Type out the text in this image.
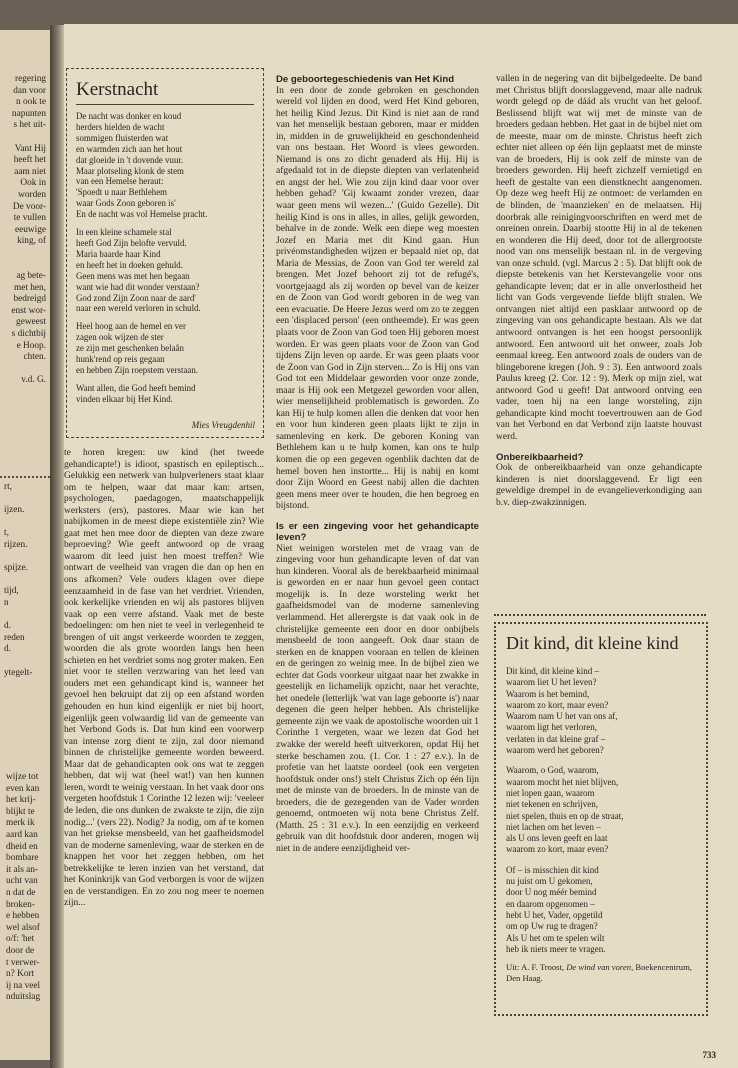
regering
dan voor
n ook te
napunten
s het uit-

Vant Hij
heeft het
aam niet
Ook in
worden
De voor-
te vullen
eeuwige
king, of

ag bete-
met hen,
bedreigd
enst wor-
geweest
s dichtbij
e Hoop.
chten.

v.d. G.
rt,

ijzen.

t,
rijzen.

spijze.

tijd,
n

d.
reden
d.

ytegelt-
wijze tot
even kan
het krij-
blijkt te
merk ik
aard kan
dheid en
bombare
it als an-
ucht van
n dat de
broken-
e hebben
wel alsof
o/f: 'het
door de
t verwer-
n? Kort
ij na veel
nduitslag
Kerstnacht
De nacht was donker en koud
herders hielden de wacht
sommigen fluisterden wat
en warmden zich aan het hout
dat gloeide in 't dovende vuur.
Maar plotseling klonk de stem
van een Hemelse heraut:
'Spoedt u naar Bethlehem
waar Gods Zoon geboren is'
En de nacht was vol Hemelse pracht.
In een kleine schamele stal
heeft God Zijn belofte vervuld.
Maria baarde haar Kind
en heeft het in doeken gehuld.
Geen mens was met hen begaan
want wie had dit wonder verstaan?
God zond Zijn Zoon naar de aard'
naar een wereld verloren in schuld.
Heel hoog aan de hemel en ver
zagen ook wijzen de ster
ze zijn met geschenken belaân
hunk'rend op reis gegaan
en hebben Zijn roepstem verstaan.
Want allen, die God heeft bemind
vinden elkaar bij Het Kind.
Mies Vreugdenhil

te horen kregen: uw kind (het tweede gehandicapte!) is idioot, spastisch en epileptisch... Gelukkig een netwerk van hulpverleners staat klaar om te helpen, waar dat maar kan: artsen, psychologen, paedagogen, maatschappelijk werksters (ers), pastores. Maar wie kan het nabijkomen in de meest diepe existentiële zin? Wie gaat met hen mee door de diepten van deze zware beproeving? Wie geeft antwoord op de vraag waarom dit leed juist hen moest treffen? Wie ontwart de veelheid van vragen die dan op hen en ons afkomen? Vele ouders klagen over diepe eenzaamheid in de fase van het verdriet. Vrienden, ook kerkelijke vrienden en wij als pastores blijven vaak op een verre afstand. Vaak met de beste bedoelingen: om hen niet te veel in verlegenheid te brengen of uit angst verkeerde woorden te zeggen, woorden die als grote woorden langs hen heen schieten en het verdriet soms nog groter maken. Een niet voor te stellen verzwaring van het leed van ouders met een gehandicapt kind is, wanneer het gevoel hen bekruipt dat zij op een afstand worden gehouden en hun kind eigenlijk er niet bij hoort, eigenlijk geen volwaardig lid van de gemeente van het Verbond Gods is. Dat hun kind een voorwerp van intense zorg dient te zijn, zal door niemand binnen de christelijke gemeente worden beweerd. Maar dat de gehandicapten ook ons wat te zeggen hebben, dat wij wat (heel wat!) van hen kunnen leren, wordt te weinig verstaan. In het vaak door ons vergeten hoofdstuk 1 Corinthe 12 lezen wij: 'veeleer de leden, die ons dunken de zwakste te zijn, die zijn nodig...' (vers 22). Nodig? Ja nodig, om af te komen van het griekse mensbeeld, van het gaafheidsmodel van de moderne samenleving, waar de sterken en de knappen het voor het zeggen hebben, om het betrekkelijke te leren inzien van het verstand, dat het Koninkrijk van God verborgen is voor de wijzen en de verstandigen. En zo zou nog meer te noemen zijn...

De geboortegeschiedenis van Het Kind

In een door de zonde gebroken en geschonden wereld vol lijden en dood, werd Het Kind geboren, het heilig Kind Jezus. Dit Kind is niet aan de rand van het menselijk bestaan geboren, maar er midden in, midden in de gruwelijkheid en geschondenheid van ons bestaan. Het Woord is vlees geworden. Niemand is ons zo dicht genaderd als Hij. Hij is afgedaald tot in de diepste diepten van verlatenheid en angst der hel. Wie zou zijn kind daar voor over hebben gehad? 'Gij kwaamt zonder vrezen, daar waar geen mens wil wezen...' (Guido Gezelle). Dit heilig Kind is ons in alles, in alles, gelijk geworden, behalve in de zonde. Welk een diepe weg moesten Jozef en Maria met dit Kind gaan. Hun privéomstandigheden wijzen er bepaald niet op, dat Maria de Messias, de Zoon van God ter wereld zal brengen. Met Jozef behoort zij tot de refugé's, voortgejaagd als zij worden op bevel van de keizer en de Zoon van God wordt geboren in de weg van een evacuatie. De Heere Jezus werd om zo te zeggen een 'displaced person' (een ontheemde). Er was geen plaats voor de Zoon van God toen Hij geboren moest worden. Er was geen plaats voor de Zoon van God tijdens Zijn leven op aarde. Er was geen plaats voor de Zoon van God in Zijn sterven... Zo is Hij ons van God tot een Middelaar geworden voor onze zonde, maar is Hij ook een Metgezel geworden voor allen, wier menselijkheid problematisch is geworden. Zo kan Hij te hulp komen allen die denken dat voor hen en voor hun kinderen geen plaats lijkt te zijn in samenleving en kerk. De geboren Koning van Bethlehem kan u te hulp komen, kan ons te hulp komen die op een gegeven ogenblik dachten dat de hemel boven hen instortte... Hij is nabij en komt door Zijn Woord en Geest nabij allen die dachten geen mens meer over te houden, die hen begroeg en bijstond.

Is er een zingeving voor het gehandicapte leven?

Niet weinigen worstelen met de vraag van de zingeving voor hun gehandicapte leven of dat van hun kinderen. Vooral als de berekbaarheid minimaal is geworden en er naar hun gevoel geen contact mogelijk is. In deze worsteling werkt het gaafheidsmodel van de moderne samenleving verlammend. Het allerergste is dat vaak ook in de christelijke gemeente een door en door onbijbels mensbeeld de toon aangeeft. Ook daar staan de sterken en de knappen vooraan en tellen de kleinen en de geringen zo weinig mee. In de bijbel zien we echter dat Gods voorkeur uitgaat naar het zwakke in geestelijk en lichamelijk opzicht, naar het verachte, het onedele (letterlijk 'wat van lage geboorte is') naar degenen die geen helper hebben. Als christelijke gemeente zijn we vaak de apostolische woorden uit 1 Corinthe 1 vergeten, waar we lezen dat God het zwakke der wereld heeft uitverkoren, opdat Hij het sterke beschamen zou. (1. Cor. 1 : 27 e.v.). In de profetie van het laatste oordeel (ook een vergeten hoofdstuk onder ons!) stelt Christus Zich op één lijn met de minste van de broeders. In de minste van de broeders, die de gezegenden van de Vader worden genoemd, ontmoeten wij nota bene Christus Zelf. (Matth. 25 : 31 e.v.). In een eenzijdig en verkeerd gebruik van dit hoofdstuk door anderen, mogen wij niet in de andere eenzijdigheid ver-

vallen in de negering van dit bijbelgedeelte. De band met Christus blijft doorslaggevend, maar alle nadruk wordt gelegd op de dáád als vrucht van het geloof. Beslissend blijft wat wij met de minste van de broeders gedaan hebben. Het gaat in de bijbel niet om de meeste, maar om de minste. Christus heeft zich echter niet alleen op één lijn geplaatst met de minste van de broeders, Hij is ook zelf de minste van de broeders geworden. Hij heeft zichzelf vernietigd en heeft de gestalte van een dienstknecht aangenomen. Op deze weg heeft Hij ze ontmoet: de verlamden en de blinden, de 'maanzieken' en de melaatsen. Hij doorbrak alle reinigingvoorschriften en werd met de onreinen onrein. Daarbij stootte Hij in al de tekenen en wonderen die Hij deed, door tot de allergrootste nood van ons menselijk bestaan nl. in de vergeving van onze schuld. (vgl. Marcus 2 : 5). Dat blijft ook de diepste betekenis van het Kerstevangelie voor ons gehandicapte leven; dat er in alle onverlostheid het licht van Gods vergevende liefde blijft stralen. We ontvangen niet altijd een pasklaar antwoord op de zingeving van ons gehandicapte bestaan. Als we dat antwoord ontvangen is het een hoogst persoonlijk antwoord. Een antwoord uit het onweer, zoals Job eenmaal kreeg. Een antwoord zoals de ouders van de blingeborene kregen (Joh. 9 : 3). Een antwoord zoals Paulus kreeg (2. Cor. 12 : 9). Merk op mijn ziel, wat antwoord God u geeft! Dat antwoord ontving een vader, toen hij na een lange worsteling, zijn gehandicapte kind mocht toevertrouwen aan de God van het Verbond en dat Verbond zijn laatste houvast werd.

Onbereikbaarheid?

Ook de onbereikbaarheid van onze gehandicapte kinderen is niet doorslaggevend. Er ligt een geweldige drempel in de evangelieverkondiging aan b.v. diep-zwakzinnigen.

Dit kind, dit kleine kind
Dit kind, dit kleine kind –
waarom liet U het leven?
Waarom is het bemind,
waarom zo kort, maar even?
Waarom nam U het van ons af,
waarom ligt het verloren,
verlaten in dat kleine graf –
waarom werd het geboren?
Waarom, o God, waarom,
waarom mocht het niet blijven,
niet lopen gaan, waarom
niet tekenen en schrijven,
niet spelen, thuis en op de straat,
niet lachen om het leven –
als U ons leven geeft en laat
waarom zo kort, maar even?
Of – is misschien dit kind
nu juist om U gekomen,
door U nog méér bemind
en daarom opgenomen –
hebt U het, Vader, opgetild
om op Uw rug te dragen?
Als U het om te spelen wilt
heb ik niets meer te vragen.
Uit: A. F. Troost, De wind van voren, Boekencentrum, Den Haag.
733
